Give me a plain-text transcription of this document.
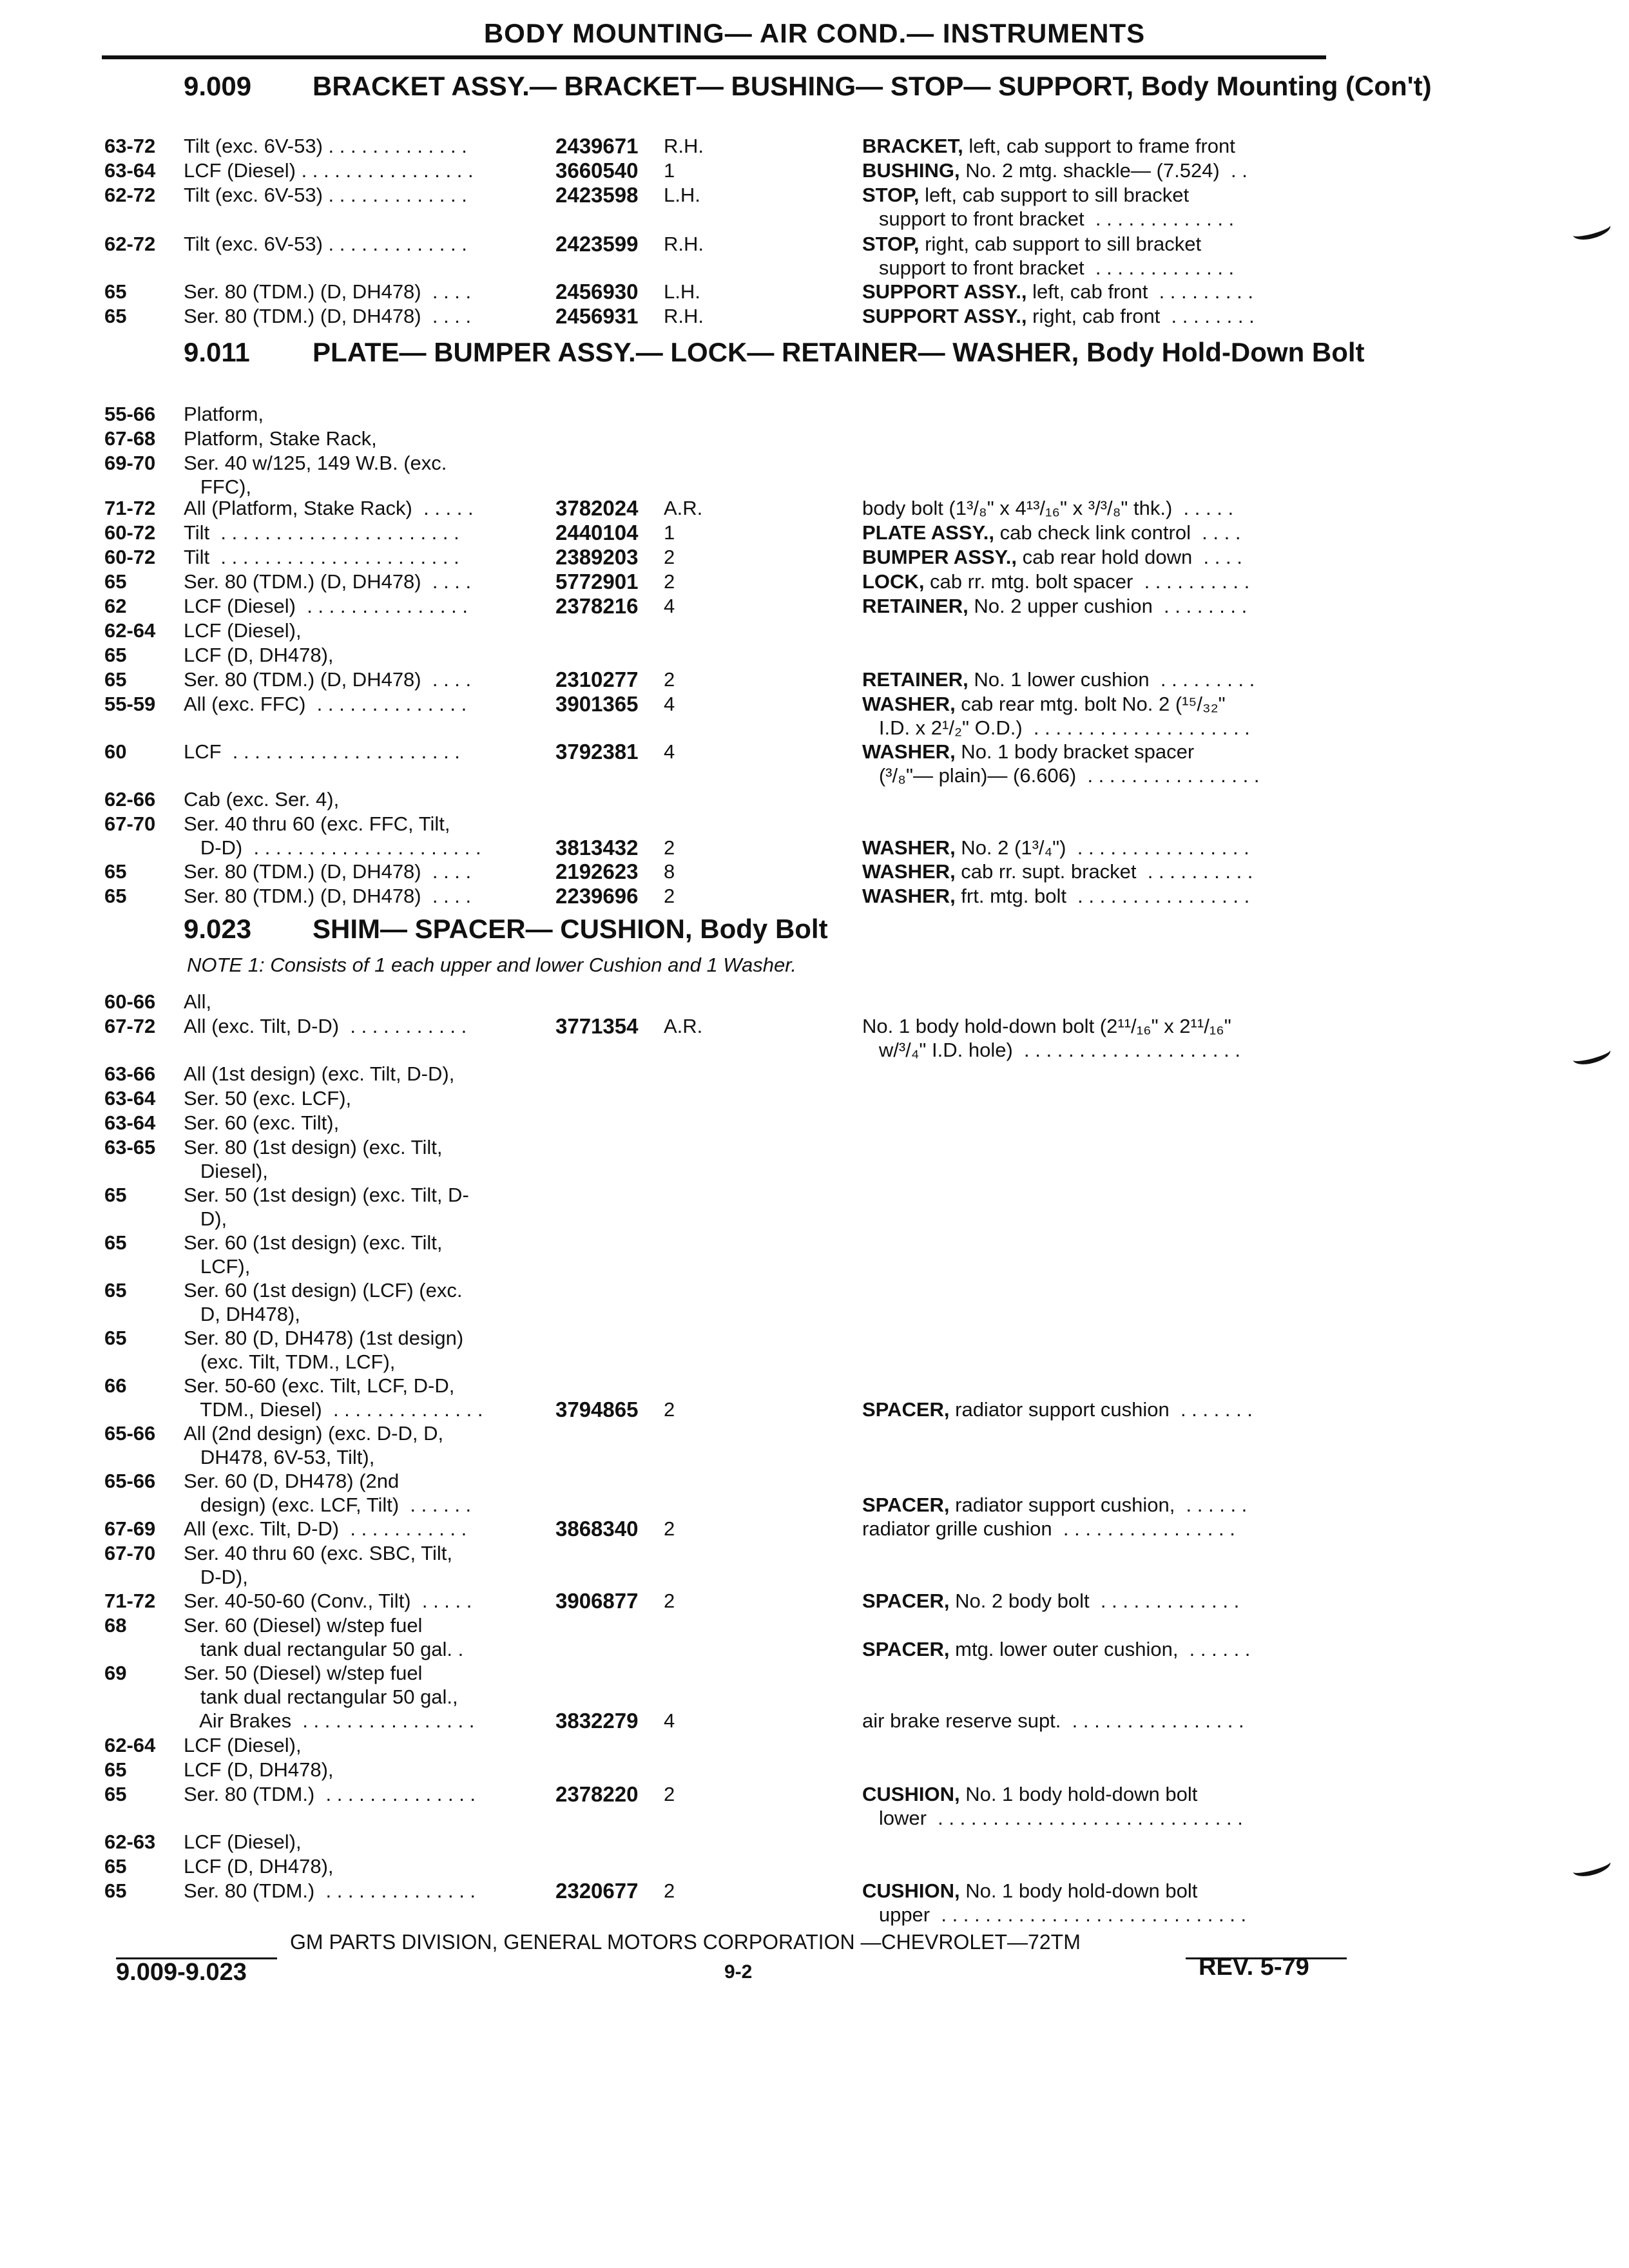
BODY MOUNTING— AIR COND.— INSTRUMENTS
9.009 BRACKET ASSY.— BRACKET— BUSHING— STOP— SUPPORT, Body Mounting (Con't)
9.011 PLATE— BUMPER ASSY.— LOCK— RETAINER— WASHER, Body Hold-Down Bolt
9.023 SHIM— SPACER— CUSHION, Body Bolt
NOTE 1: Consists of 1 each upper and lower Cushion and 1 Washer.
63-72 Tilt (exc. 6V-53) . . . . . . . . . . . . .	2439671 R.H.	BRACKET, left, cab support to frame front
63-64 LCF (Diesel) . . . . . . . . . . . . . . . .	3660540 1	BUSHING, No. 2 mtg. shackle— (7.524)  . .
62-72 Tilt (exc. 6V-53) . . . . . . . . . . . . .	2423598 L.H.	STOP, left, cab support to sill bracket
support to front bracket  . . . . . . . . . . . . .
62-72 Tilt (exc. 6V-53) . . . . . . . . . . . . .	2423599 R.H.	STOP, right, cab support to sill bracket
support to front bracket  . . . . . . . . . . . . .
65	Ser. 80 (TDM.) (D, DH478)  . . . .	2456930 L.H.	SUPPORT ASSY., left, cab front  . . . . . . . . .
65	Ser. 80 (TDM.) (D, DH478)  . . . .	2456931 R.H.	SUPPORT ASSY., right, cab front  . . . . . . . .
55-66 Platform,
67-68 Platform, Stake Rack,
69-70 Ser. 40 w/125, 149 W.B. (exc.
FFC),
71-72 All (Platform, Stake Rack)  . . . . .	3782024 A.R.	body bolt (1³/₈" x 4¹³/₁₆" x ³/³/₈" thk.)  . . . . .
60-72 Tilt  . . . . . . . . . . . . . . . . . . . . . .	2440104 1	PLATE ASSY., cab check link control  . . . .
60-72 Tilt  . . . . . . . . . . . . . . . . . . . . . .	2389203 2	BUMPER ASSY., cab rear hold down  . . . .
65	Ser. 80 (TDM.) (D, DH478)  . . . .	5772901 2	LOCK, cab rr. mtg. bolt spacer  . . . . . . . . . .
62	LCF (Diesel)  . . . . . . . . . . . . . . .	2378216 4	RETAINER, No. 2 upper cushion  . . . . . . . .
62-64 LCF (Diesel),
65	LCF (D, DH478),
65	Ser. 80 (TDM.) (D, DH478)  . . . .	2310277 2	RETAINER, No. 1 lower cushion  . . . . . . . . .
55-59 All (exc. FFC)  . . . . . . . . . . . . . .	3901365 4	WASHER, cab rear mtg. bolt No. 2 (¹⁵/₃₂"
I.D. x 2¹/₂" O.D.)  . . . . . . . . . . . . . . . . . . . .
60	LCF  . . . . . . . . . . . . . . . . . . . . .	3792381 4	WASHER, No. 1 body bracket spacer
(³/₈"— plain)— (6.606)  . . . . . . . . . . . . . . . .
62-66 Cab (exc. Ser. 4),
67-70 Ser. 40 thru 60 (exc. FFC, Tilt,
D-D)  . . . . . . . . . . . . . . . . . . . . .	3813432 2	WASHER, No. 2 (1³/₄")  . . . . . . . . . . . . . . . .
65	Ser. 80 (TDM.) (D, DH478)  . . . .	2192623 8	WASHER, cab rr. supt. bracket  . . . . . . . . . .
65	Ser. 80 (TDM.) (D, DH478)  . . . .	2239696 2	WASHER, frt. mtg. bolt  . . . . . . . . . . . . . . . .
60-66 All,
67-72 All (exc. Tilt, D-D)  . . . . . . . . . . .	3771354 A.R.	No. 1 body hold-down bolt (2¹¹/₁₆" x 2¹¹/₁₆"
w/³/₄" I.D. hole)  . . . . . . . . . . . . . . . . . . . .
63-66 All (1st design) (exc. Tilt, D-D),
63-64 Ser. 50 (exc. LCF),
63-64 Ser. 60 (exc. Tilt),
63-65 Ser. 80 (1st design) (exc. Tilt,
Diesel),
65	Ser. 50 (1st design) (exc. Tilt, D-
D),
65	Ser. 60 (1st design) (exc. Tilt,
LCF),
65	Ser. 60 (1st design) (LCF) (exc.
D, DH478),
65	Ser. 80 (D, DH478) (1st design)
(exc. Tilt, TDM., LCF),
66	Ser. 50-60 (exc. Tilt, LCF, D-D,
TDM., Diesel)  . . . . . . . . . . . . . .	3794865 2	SPACER, radiator support cushion  . . . . . . .
65-66 All (2nd design) (exc. D-D, D,
DH478, 6V-53, Tilt),
65-66 Ser. 60 (D, DH478) (2nd
design) (exc. LCF, Tilt)  . . . . . .	SPACER, radiator support cushion,  . . . . . .
67-69 All (exc. Tilt, D-D)  . . . . . . . . . . .	3868340 2	radiator grille cushion  . . . . . . . . . . . . . . . .
67-70 Ser. 40 thru 60 (exc. SBC, Tilt,
D-D),
71-72 Ser. 40-50-60 (Conv., Tilt)  . . . . .	3906877 2	SPACER, No. 2 body bolt  . . . . . . . . . . . . .
68	Ser. 60 (Diesel) w/step fuel
tank dual rectangular 50 gal. .	SPACER, mtg. lower outer cushion,  . . . . . .
69	Ser. 50 (Diesel) w/step fuel
tank dual rectangular 50 gal.,
Air Brakes  . . . . . . . . . . . . . . . .	3832279 4	air brake reserve supt.  . . . . . . . . . . . . . . . .
62-64 LCF (Diesel),
65	LCF (D, DH478),
65	Ser. 80 (TDM.)  . . . . . . . . . . . . . .	2378220 2	CUSHION, No. 1 body hold-down bolt
lower  . . . . . . . . . . . . . . . . . . . . . . . . . . . .
62-63 LCF (Diesel),
65	LCF (D, DH478),
65	Ser. 80 (TDM.)  . . . . . . . . . . . . . .	2320677 2	CUSHION, No. 1 body hold-down bolt
upper  . . . . . . . . . . . . . . . . . . . . . . . . . . . .
GM PARTS DIVISION, GENERAL MOTORS CORPORATION —CHEVROLET—72TM
9.009-9.023	9-2	REV. 5-79
